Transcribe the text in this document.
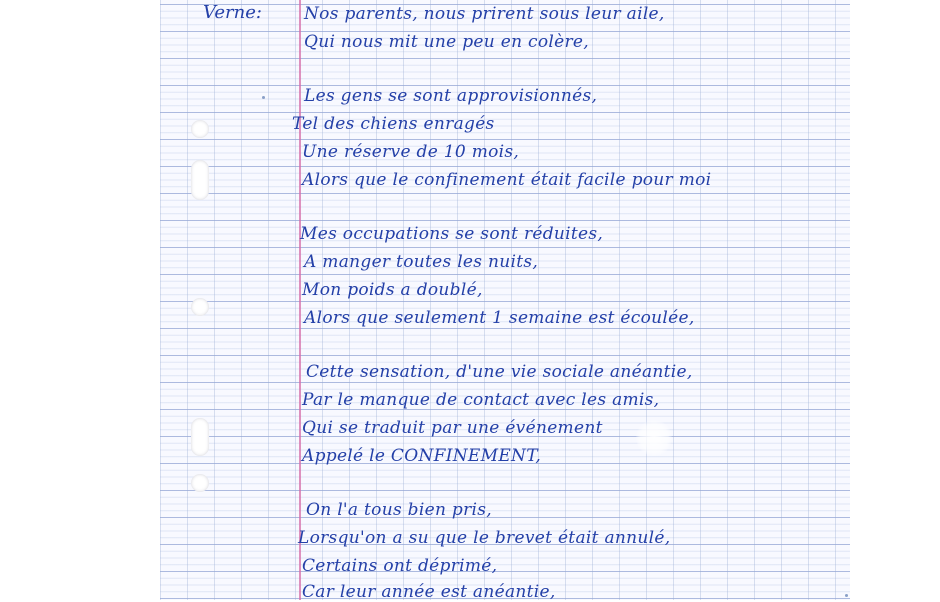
Verne: Nos parents, nous prirent sous leur aile,
Qui nous mit une peu en colère,
Les gens se sont approvisionnés,
Tel des chiens enragés
Une réserve de 10 mois,
Alors que le confinement était facile pour moi
Mes occupations se sont réduites,
A manger toutes les nuits,
Mon poids a doublé,
Alors que seulement 1 semaine est écoulée,
Cette sensation, d'une vie sociale anéantie,
Par le manque de contact avec les amis,
Qui se traduit par une événement
Appelé le CONFINEMENT,
On l'a tous bien pris,
Lorsqu'on a su que le brevet était annulé,
Certains ont déprimé,
Car leur année est anéantie,
